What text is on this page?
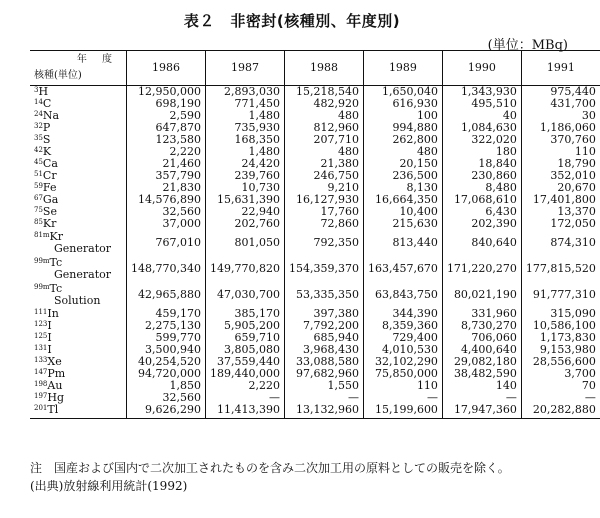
表２　非密封(核種別、年度別)
(単位：MBq)
年 度
核種(単位)	1986	1987	1988	1989	1990	1991
$^3$H	12,950,000	2,893,030	15,218,540	1,650,040	1,343,930	975,440
$^{14}$C	698,190	771,450	482,920	616,930	495,510	431,700
$^{24}$Na	2,590	1,480	480	100	40	30
$^{32}$P	647,870	735,930	812,960	994,880	1,084,630	1,186,060
$^{35}$S	123,580	168,350	207,710	262,800	322,020	370,760
$^{42}$K	2,220	1,480	480	480	180	110
$^{45}$Ca	21,460	24,420	21,380	20,150	18,840	18,790
$^{51}$Cr	357,790	239,760	246,750	236,500	230,860	352,010
$^{59}$Fe	21,830	10,730	9,210	8,130	8,480	20,670
$^{67}$Ga	14,576,890	15,631,390	16,127,930	16,664,350	17,068,610	17,401,800
$^{75}$Se	32,560	22,940	17,760	10,400	6,430	13,370
$^{85}$Kr	37,000	202,760	72,860	215,630	202,390	172,050
$^{81m}$Kr
Generator	767,010	801,050	792,350	813,440	840,640	874,310
$^{99m}$Tc
Generator	148,770,340	149,770,820	154,359,370	163,457,670	171,220,270	177,815,520
$^{99m}$Tc
Solution	42,965,880	47,030,700	53,335,350	63,843,750	80,021,190	91,777,310
$^{111}$In	459,170	385,170	397,380	344,390	331,960	315,090
$^{123}$I	2,275,130	5,905,200	7,792,200	8,359,360	8,730,270	10,586,100
$^{125}$I	599,770	659,710	685,940	729,400	706,060	1,173,830
$^{131}$I	3,500,940	3,805,080	3,968,430	4,010,530	4,400,640	9,153,980
$^{133}$Xe	40,254,520	37,559,440	33,088,580	32,102,290	29,082,180	28,556,600
$^{147}$Pm	94,720,000	189,440,000	97,682,960	75,850,000	38,482,590	3,700
$^{198}$Au	1,850	2,220	1,550	110	140	70
$^{197}$Hg	32,560	—	—	—	—	—
$^{201}$Tl	9,626,290	11,413,390	13,132,960	15,199,600	17,947,360	20,282,880
注　国産および国内で二次加工されたものを含み二次加工用の原料としての販売を除く。
(出典)放射線利用統計(1992)
